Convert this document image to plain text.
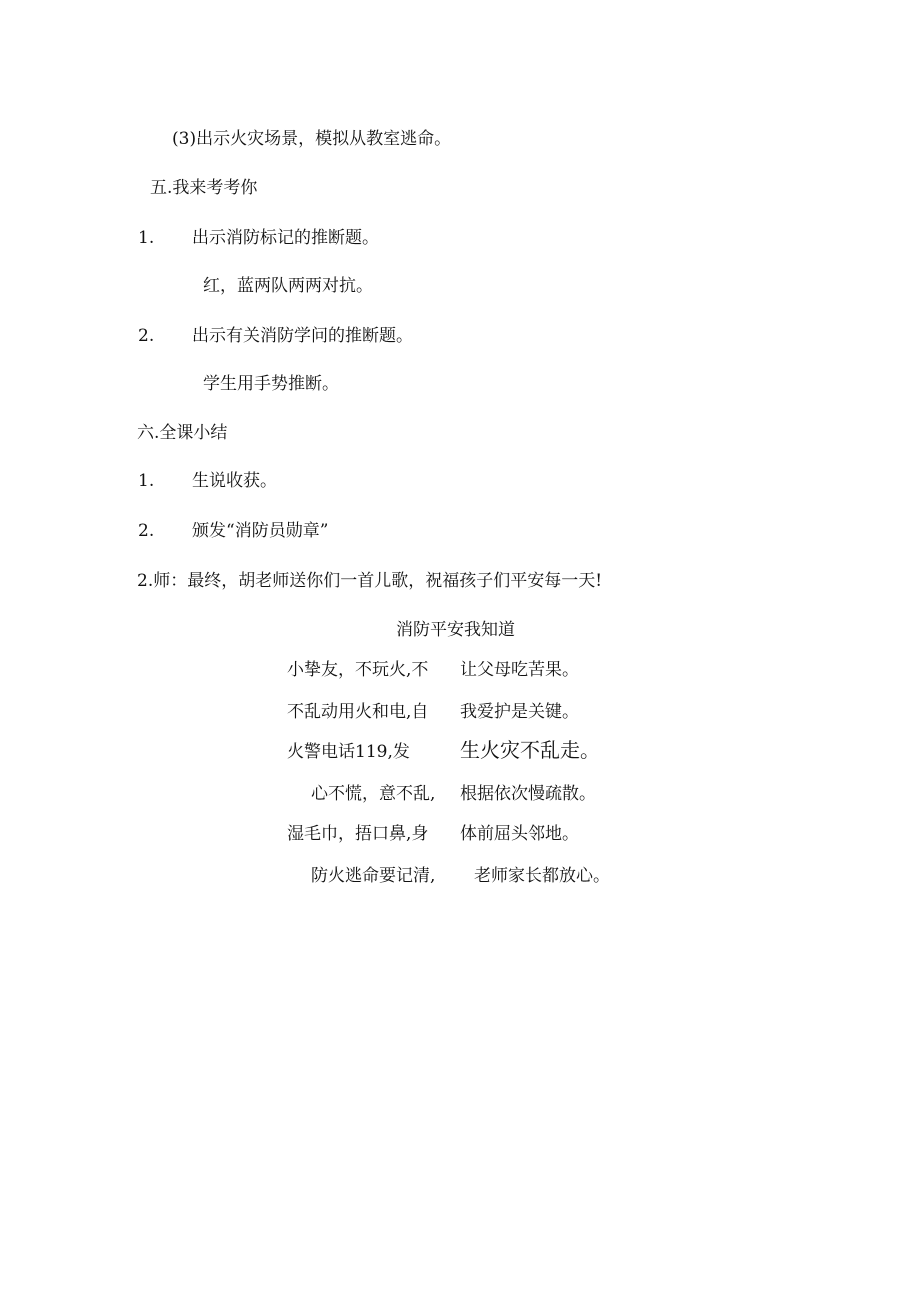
(3)出示火灾场景，模拟从教室逃命。
五.我来考考你
1. 出示消防标记的推断题。
红，蓝两队两两对抗。
2. 出示有关消防学问的推断题。
学生用手势推断。
六.全课小结
1. 生说收获。
2. 颁发“消防员勋章”
2.师：最终，胡老师送你们一首儿歌，祝福孩子们平安每一天!
消防平安我知道
小挚友，不玩火,不 让父母吃苦果。
不乱动用火和电,自 我爱护是关键。
火警电话119,发	生火灾不乱走。
心不慌，意不乱, 根据依次慢疏散。
湿毛巾，捂口鼻,身 体前屈头邻地。
防火逃命要记清, 老师家长都放心。
